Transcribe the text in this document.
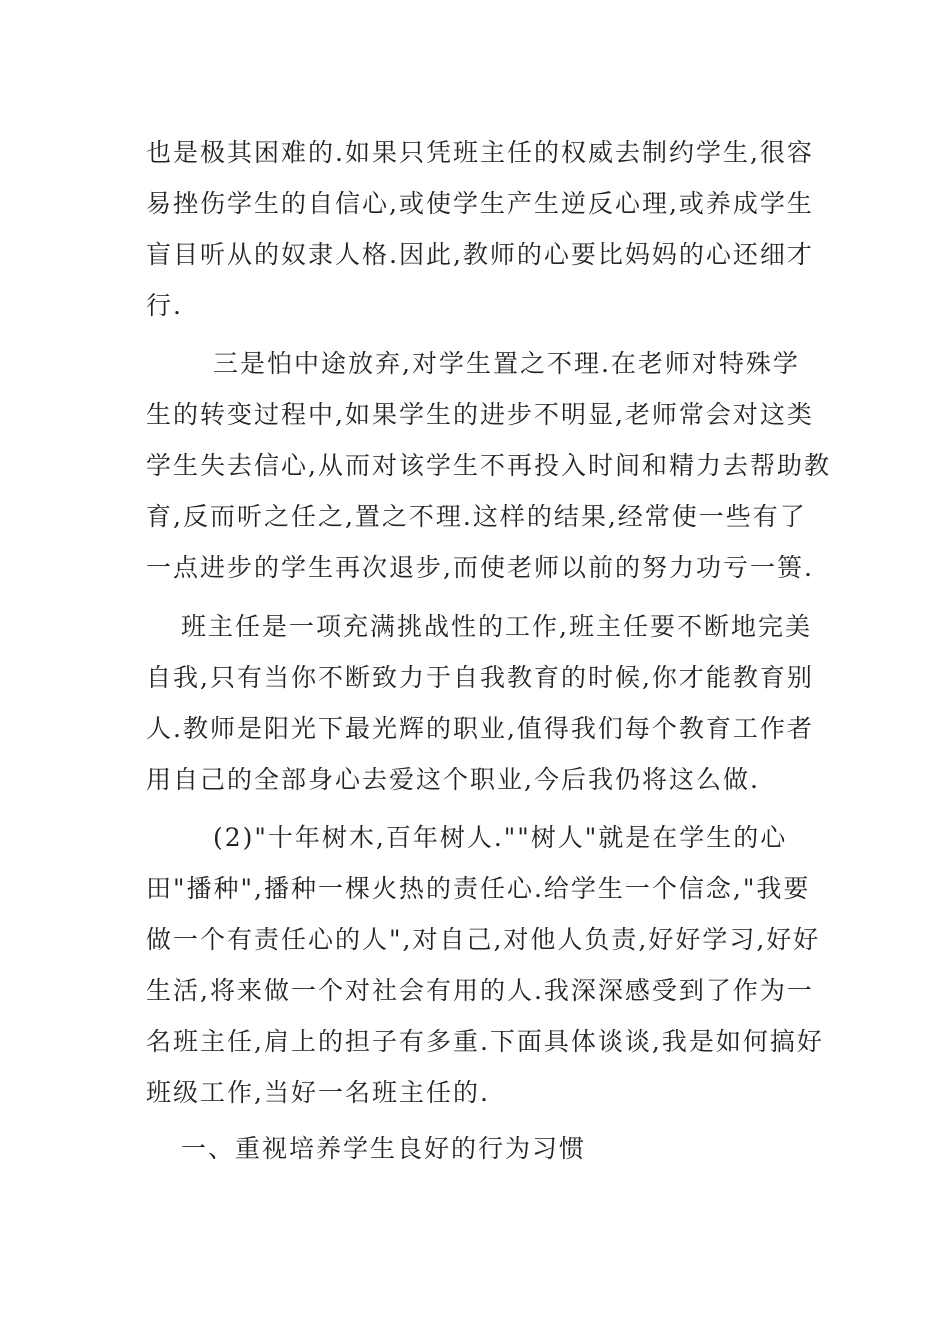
也是极其困难的.如果只凭班主任的权威去制约学生,很容
易挫伤学生的自信心,或使学生产生逆反心理,或养成学生
盲目听从的奴隶人格.因此,教师的心要比妈妈的心还细才
行.
三是怕中途放弃,对学生置之不理.在老师对特殊学
生的转变过程中,如果学生的进步不明显,老师常会对这类
学生失去信心,从而对该学生不再投入时间和精力去帮助教
育,反而听之任之,置之不理.这样的结果,经常使一些有了
一点进步的学生再次退步,而使老师以前的努力功亏一篑.
班主任是一项充满挑战性的工作,班主任要不断地完美
自我,只有当你不断致力于自我教育的时候,你才能教育别
人.教师是阳光下最光辉的职业,值得我们每个教育工作者
用自己的全部身心去爱这个职业,今后我仍将这么做.
(2)"十年树木,百年树人.""树人"就是在学生的心
田"播种",播种一棵火热的责任心.给学生一个信念,"我要
做一个有责任心的人",对自己,对他人负责,好好学习,好好
生活,将来做一个对社会有用的人.我深深感受到了作为一
名班主任,肩上的担子有多重.下面具体谈谈,我是如何搞好
班级工作,当好一名班主任的.
一、重视培养学生良好的行为习惯
